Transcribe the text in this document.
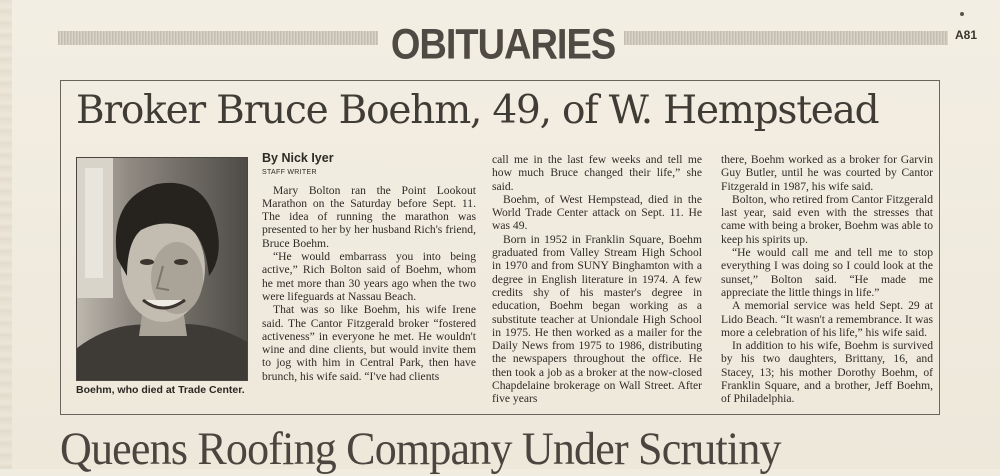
OBITUARIES	A81
Broker Bruce Boehm, 49, of W. Hempstead
Boehm, who died at Trade Center.
By Nick Iyer
STAFF WRITER

Mary Bolton ran the Point Lookout Marathon on the Saturday before Sept. 11. The idea of running the marathon was presented to her by her husband Rich's friend, Bruce Boehm.

“He would embarrass you into being active,” Rich Bolton said of Boehm, whom he met more than 30 years ago when the two were lifeguards at Nassau Beach.

That was so like Boehm, his wife Irene said. The Cantor Fitzgerald broker “fostered activeness” in everyone he met. He wouldn't wine and dine clients, but would invite them to jog with him in Central Park, then have brunch, his wife said. “I've had clients

call me in the last few weeks and tell me how much Bruce changed their life,” she said.

Boehm, of West Hempstead, died in the World Trade Center attack on Sept. 11. He was 49.

Born in 1952 in Franklin Square, Boehm graduated from Valley Stream High School in 1970 and from SUNY Binghamton with a degree in English literature in 1974. A few credits shy of his master's degree in education, Boehm began working as a substitute teacher at Uniondale High School in 1975. He then worked as a mailer for the Daily News from 1975 to 1986, distributing the newspapers throughout the office. He then took a job as a broker at the now-closed Chapdelaine brokerage on Wall Street. After five years

there, Boehm worked as a broker for Garvin Guy Butler, until he was courted by Cantor Fitzgerald in 1987, his wife said.

Bolton, who retired from Cantor Fitzgerald last year, said even with the stresses that came with being a broker, Boehm was able to keep his spirits up.

“He would call me and tell me to stop everything I was doing so I could look at the sunset,” Bolton said. “He made me appreciate the little things in life.”

A memorial service was held Sept. 29 at Lido Beach. “It wasn't a remembrance. It was more a celebration of his life,” his wife said.

In addition to his wife, Boehm is survived by his two daughters, Brittany, 16, and Stacey, 13; his mother Dorothy Boehm, of Franklin Square, and a brother, Jeff Boehm, of Philadelphia.

Queens Roofing Company Under Scrutiny
